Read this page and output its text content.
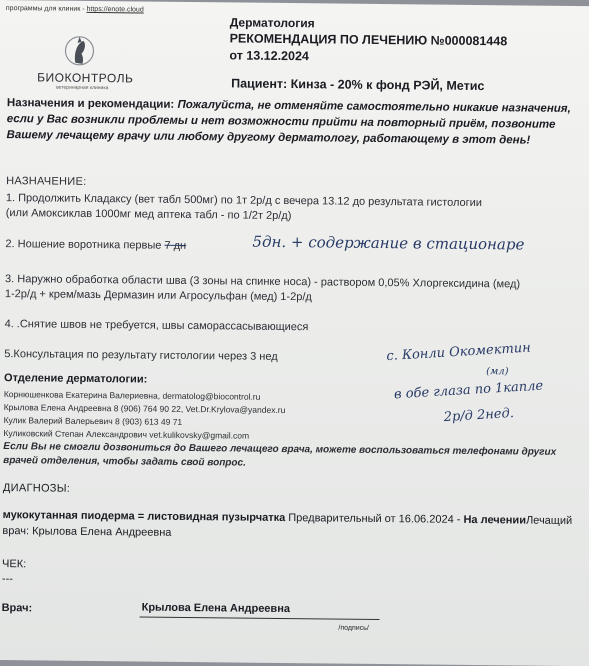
программы для клиник - https://enote.cloud
БИОКОНТРОЛЬ
ветеринарная клиника
Дерматология
РЕКОМЕНДАЦИЯ ПО ЛЕЧЕНИЮ №000081448
от 13.12.2024
Пациент: Кинза - 20% к фонд РЭЙ, Метис
Назначения и рекомендации: Пожалуйста, не отменяйте самостоятельно никакие назначения, если у Вас возникли проблемы и нет возможности прийти на повторный приём, позвоните Вашему лечащему врачу или любому другому дерматологу, работающему в этот день!
НАЗНАЧЕНИЕ:
1. Продолжить Кладаксу (вет табл 500мг) по 1т 2р/д с вечера 13.12 до результата гистологии
(или Амоксиклав 1000мг мед аптека табл - по 1/2т 2р/д)
2. Ношение воротника первые 7 дн	5дн. + содержание в стационаре
3. Наружно обработка области шва (3 зоны на спинке носа) - раствором 0,05% Хлоргексидина (мед)
1-2р/д + крем/мазь Дермазин или Агросульфан (мед) 1-2р/д
4. .Снятие швов не требуется, швы саморассасывающиеся
5.Консультация по результату гистологии через 3 нед	с. Конли Окомектин
(мл)
в обе глаза по 1капле
2р/д 2нед.
Отделение дерматологии:
Корнюшенкова Екатерина Валериевна, dermatolog@biocontrol.ru
Крылова Елена Андреевна 8 (906) 764 90 22, Vet.Dr.Krylova@yandex.ru
Кулик Валерий Валерьевич 8 (903) 613 49 71
Куликовский Степан Александрович vet.kulikovsky@gmail.com
Если Вы не смогли дозвониться до Вашего лечащего врача, можете воспользоваться телефонами других врачей отделения, чтобы задать свой вопрос.
ДИАГНОЗЫ:
мукокутанная пиодерма = листовидная пузырчатка Предварительный от 16.06.2024 - На леченииЛечащий врач: Крылова Елена Андреевна
ЧЕК:
---
Врач:	Крылова Елена Андреевна
/подпись/
